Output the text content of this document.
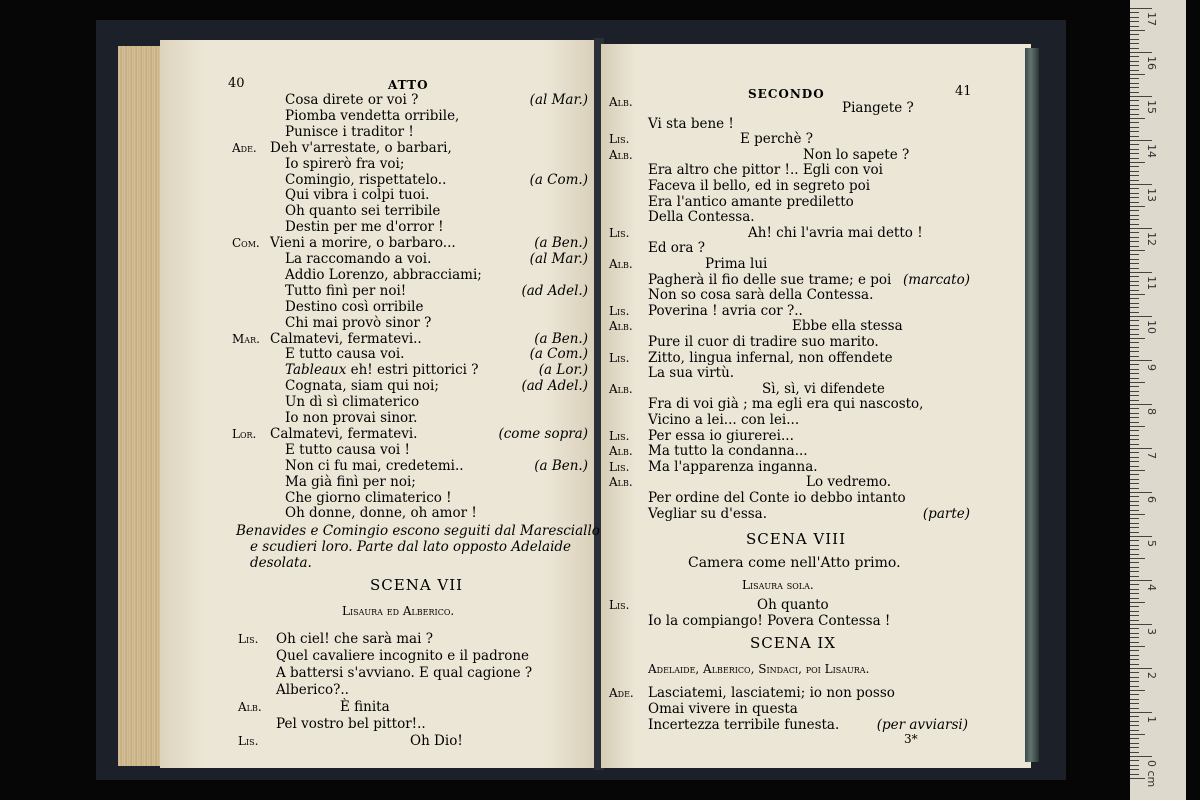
17
16
15
14
13
12
11
10
9
8
7
6
5
4
3
2
1
0 cm
40	ATTO
Cosa direte or voi ?	(al Mar.)
Piomba vendetta orribile,
Punisce i traditor !
Ade. Deh v'arrestate, o barbari,
Io spirerò fra voi;
Comingio, rispettatelo..	(a Com.)
Qui vibra i colpi tuoi.
Oh quanto sei terribile
Destin per me d'orror !
Com. Vieni a morire, o barbaro...	(a Ben.)
La raccomando a voi.	(al Mar.)
Addio Lorenzo, abbracciami;
Tutto finì per noi!	(ad Adel.)
Destino così orribile
Chi mai provò sinor ?
Mar. Calmatevi, fermatevi..	(a Ben.)
E tutto causa voi.	(a Com.)
Tableaux eh! estri pittorici ?	(a Lor.)
Cognata, siam qui noi;	(ad Adel.)
Un dì sì climaterico
Io non provai sinor.
Lor. Calmatevi, fermatevi.	(come sopra)
E tutto causa voi !
Non ci fu mai, credetemi..	(a Ben.)
Ma già finì per noi;
Che giorno climaterico !
Oh donne, donne, oh amor !
Benavides e Comingio escono seguiti dal Maresciallo
e scudieri loro. Parte dal lato opposto Adelaide
desolata.
SCENA VII
Lisaura ed Alberico.
Lis. Oh ciel! che sarà mai ?
Quel cavaliere incognito e il padrone
A battersi s'avviano. E qual cagione ?
Alberico?..
Alb.	È finita
Pel vostro bel pittor!..
Lis.	Oh Dio!
SECONDO	41
Alb.	Piangete ?
Vi sta bene !
Lis.	E perchè ?
Alb.	Non lo sapete ?
Era altro che pittor !.. Egli con voi
Faceva il bello, ed in segreto poi
Era l'antico amante prediletto
Della Contessa.
Lis.	Ah! chi l'avria mai detto !
Ed ora ?
Alb.	Prima lui
Pagherà il fio delle sue trame; e poi (marcato)
Non so cosa sarà della Contessa.
Lis. Poverina ! avria cor ?..
Alb.	Ebbe ella stessa
Pure il cuor di tradire suo marito.
Lis. Zitto, lingua infernal, non offendete
La sua virtù.
Alb.	Sì, sì, vi difendete
Fra di voi già ; ma egli era qui nascosto,
Vicino a lei... con lei...
Lis. Per essa io giurerei...
Alb. Ma tutto la condanna...
Lis. Ma l'apparenza inganna.
Alb.	Lo vedremo.
Per ordine del Conte io debbo intanto
Vegliar su d'essa.	(parte)
SCENA VIII
Camera come nell'Atto primo.
Lisaura sola.
Lis.	Oh quanto
Io la compiango! Povera Contessa !
SCENA IX
Adelaide, Alberico, Sindaci, poi Lisaura.
Ade. Lasciatemi, lasciatemi; io non posso
Omai vivere in questa
Incertezza terribile funesta.	(per avviarsi)
3*
